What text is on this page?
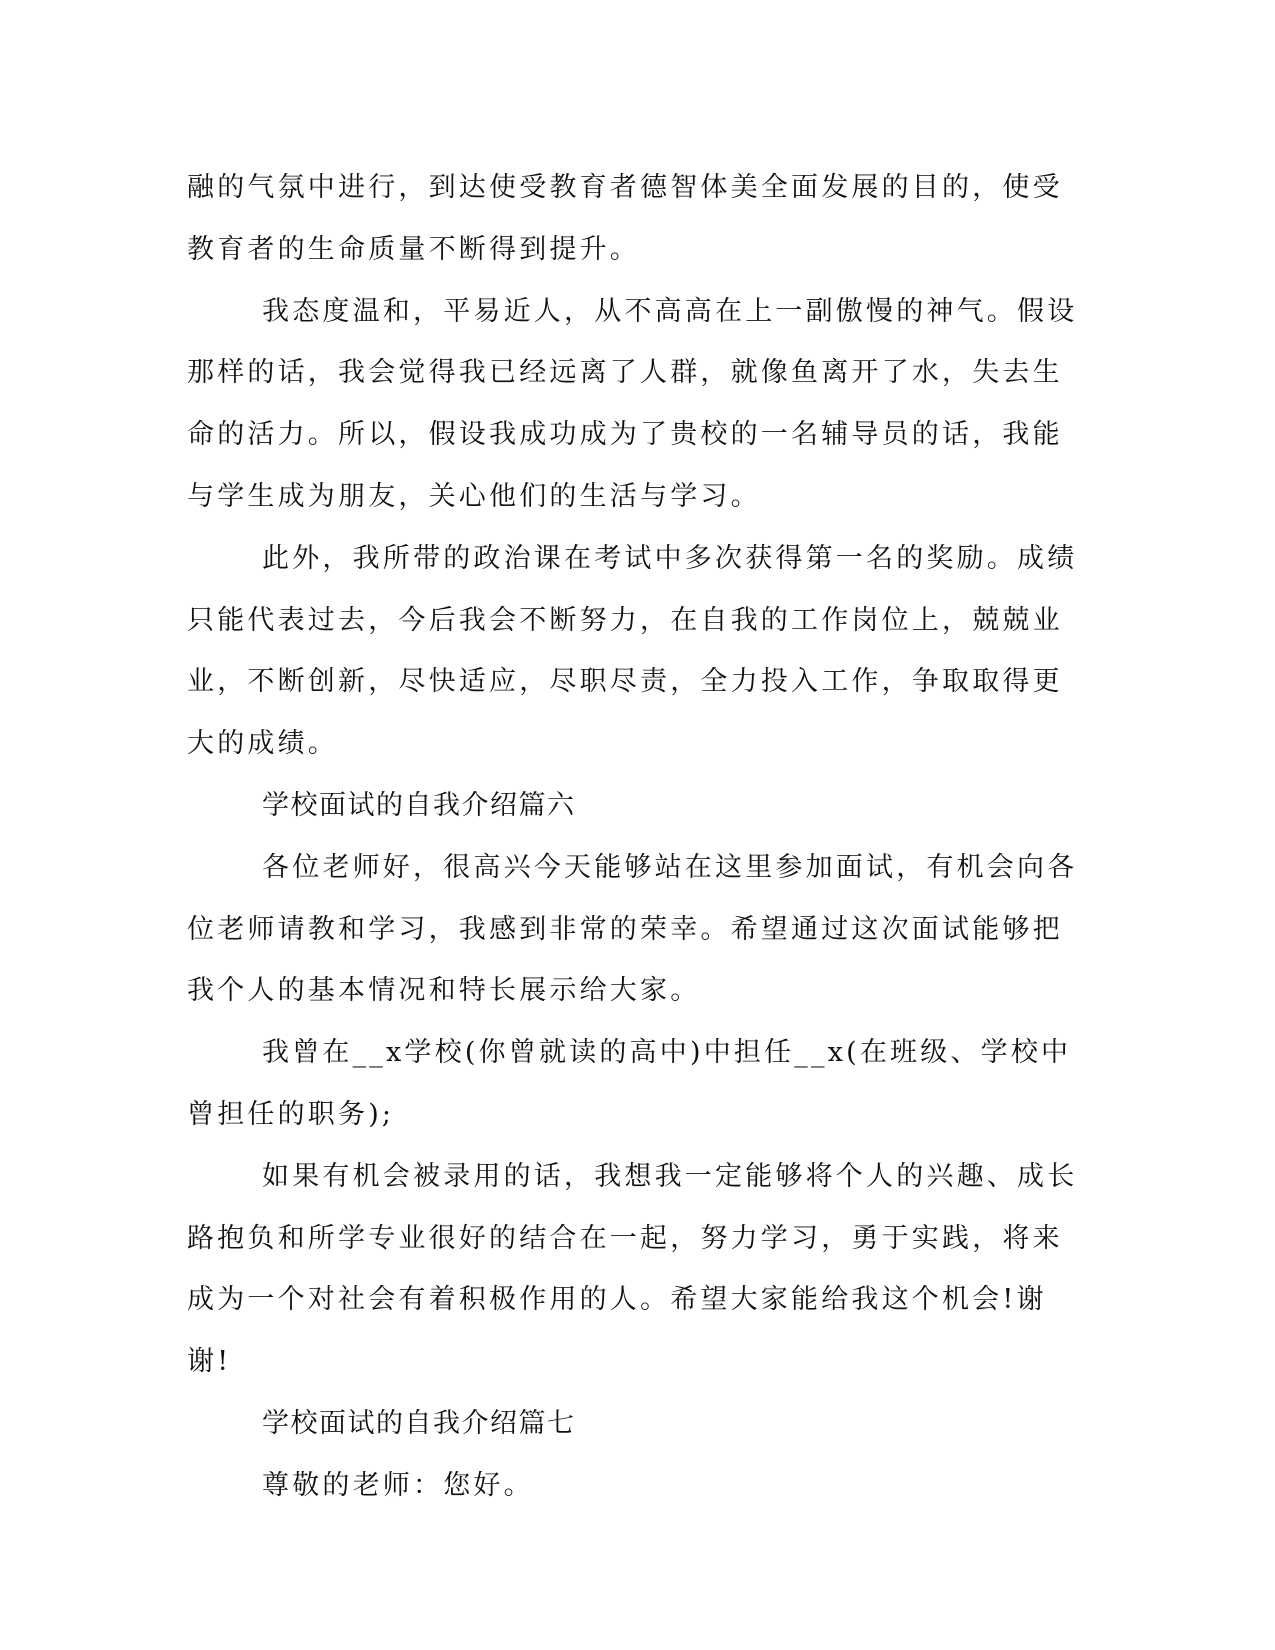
融的气氛中进行，到达使受教育者德智体美全面发展的目的，使受教育者的生命质量不断得到提升。

我态度温和，平易近人，从不高高在上一副傲慢的神气。假设那样的话，我会觉得我已经远离了人群，就像鱼离开了水，失去生命的活力。所以，假设我成功成为了贵校的一名辅导员的话，我能与学生成为朋友，关心他们的生活与学习。

此外，我所带的政治课在考试中多次获得第一名的奖励。成绩只能代表过去，今后我会不断努力，在自我的工作岗位上，兢兢业业，不断创新，尽快适应，尽职尽责，全力投入工作，争取取得更大的成绩。

学校面试的自我介绍篇六

各位老师好，很高兴今天能够站在这里参加面试，有机会向各位老师请教和学习，我感到非常的荣幸。希望通过这次面试能够把我个人的基本情况和特长展示给大家。

我曾在__x学校(你曾就读的高中)中担任__x(在班级、学校中曾担任的职务);

如果有机会被录用的话，我想我一定能够将个人的兴趣、成长路抱负和所学专业很好的结合在一起，努力学习，勇于实践，将来成为一个对社会有着积极作用的人。希望大家能给我这个机会!谢谢!

学校面试的自我介绍篇七

尊敬的老师：您好。
